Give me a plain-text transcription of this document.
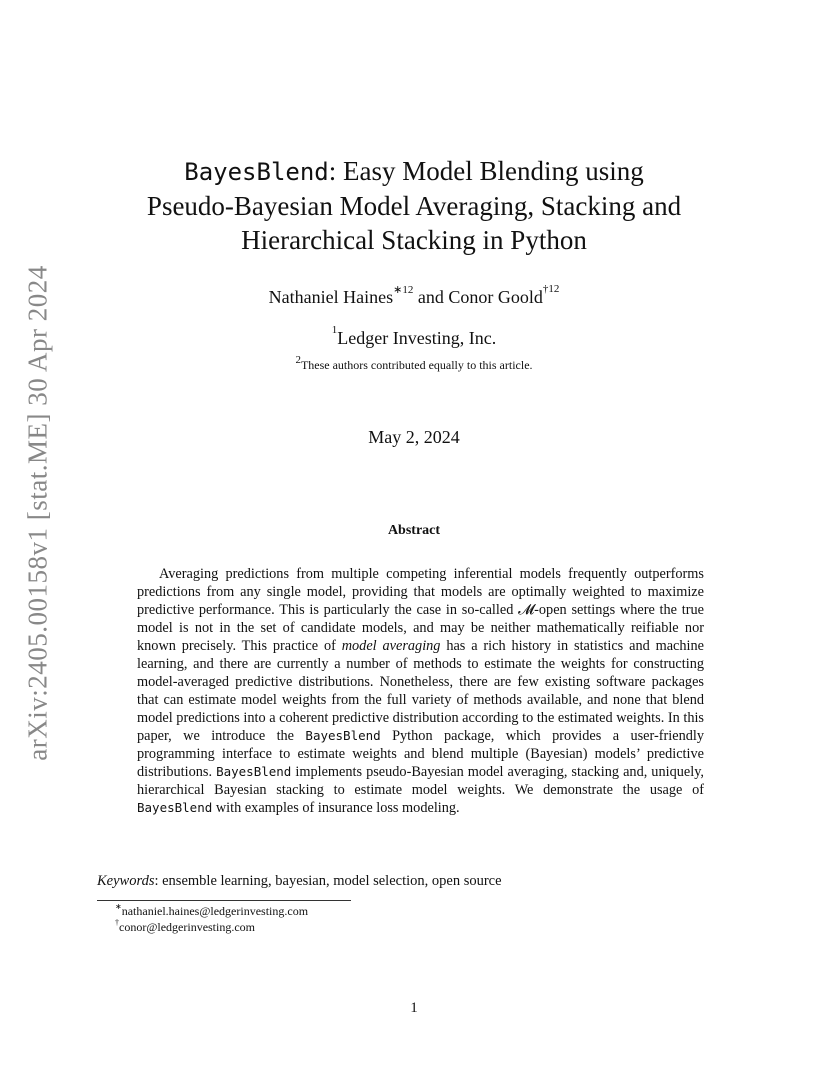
arXiv:2405.00158v1 [stat.ME] 30 Apr 2024
BayesBlend: Easy Model Blending using
Pseudo-Bayesian Model Averaging, Stacking and
Hierarchical Stacking in Python
Nathaniel Haines$^{∗12}$ and Conor Goold$^{\dagger 12}$
$^1$Ledger Investing, Inc.
$^2$These authors contributed equally to this article.
May 2, 2024
Abstract

Averaging predictions from multiple competing inferential models frequently outperforms predictions from any single model, providing that models are optimally weighted to maximize predictive performance. This is particularly the case in so-called 𝓜-open settings where the true model is not in the set of candidate models, and may be neither mathematically reifiable nor known precisely. This practice of model averaging has a rich history in statistics and machine learning, and there are currently a number of methods to estimate the weights for constructing model-averaged predictive distributions. Nonetheless, there are few existing software packages that can estimate model weights from the full variety of methods available, and none that blend model predictions into a coherent predictive distribution according to the estimated weights. In this paper, we introduce the BayesBlend Python package, which provides a user-friendly programming interface to estimate weights and blend multiple (Bayesian) models’ predictive distributions. BayesBlend implements pseudo-Bayesian model averaging, stacking and, uniquely, hierarchical Bayesian stacking to estimate model weights. We demonstrate the usage of BayesBlend with examples of insurance loss modeling.

Keywords: ensemble learning, bayesian, model selection, open source
∗nathaniel.haines@ledgerinvesting.com
†conor@ledgerinvesting.com
1
